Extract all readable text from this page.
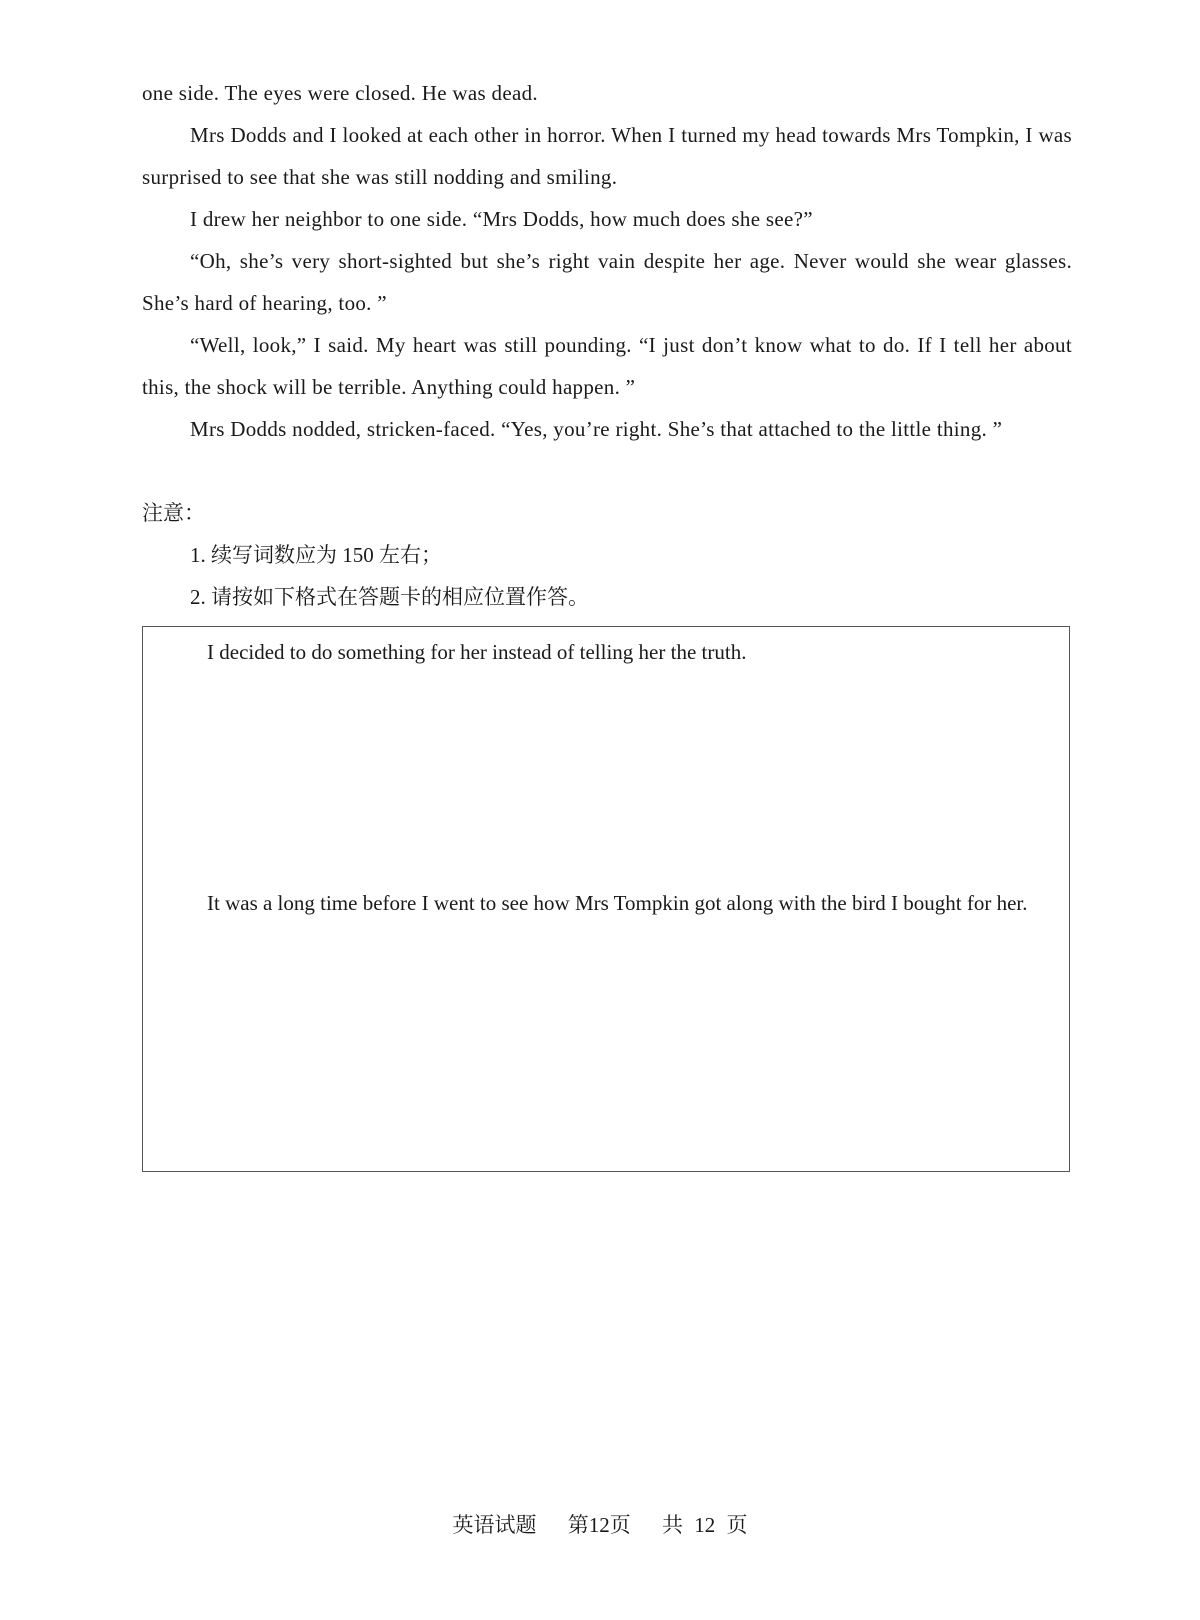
one side. The eyes were closed. He was dead.

Mrs Dodds and I looked at each other in horror. When I turned my head towards Mrs Tompkin, I was surprised to see that she was still nodding and smiling.

I drew her neighbor to one side. “Mrs Dodds, how much does she see?”

“Oh, she’s very short-sighted but she’s right vain despite her age. Never would she wear glasses. She’s hard of hearing, too. ”

“Well, look,” I said. My heart was still pounding. “I just don’t know what to do. If I tell her about this, the shock will be terrible. Anything could happen. ”

Mrs Dodds nodded, stricken-faced. “Yes, you’re right. She’s that attached to the little thing. ”

注意：

1. 续写词数应为 150 左右；

2. 请按如下格式在答题卡的相应位置作答。

I decided to do something for her instead of telling her the truth.

It was a long time before I went to see how Mrs Tompkin got along with the bird I bought for her.

英语试题 第12页 共 12 页
